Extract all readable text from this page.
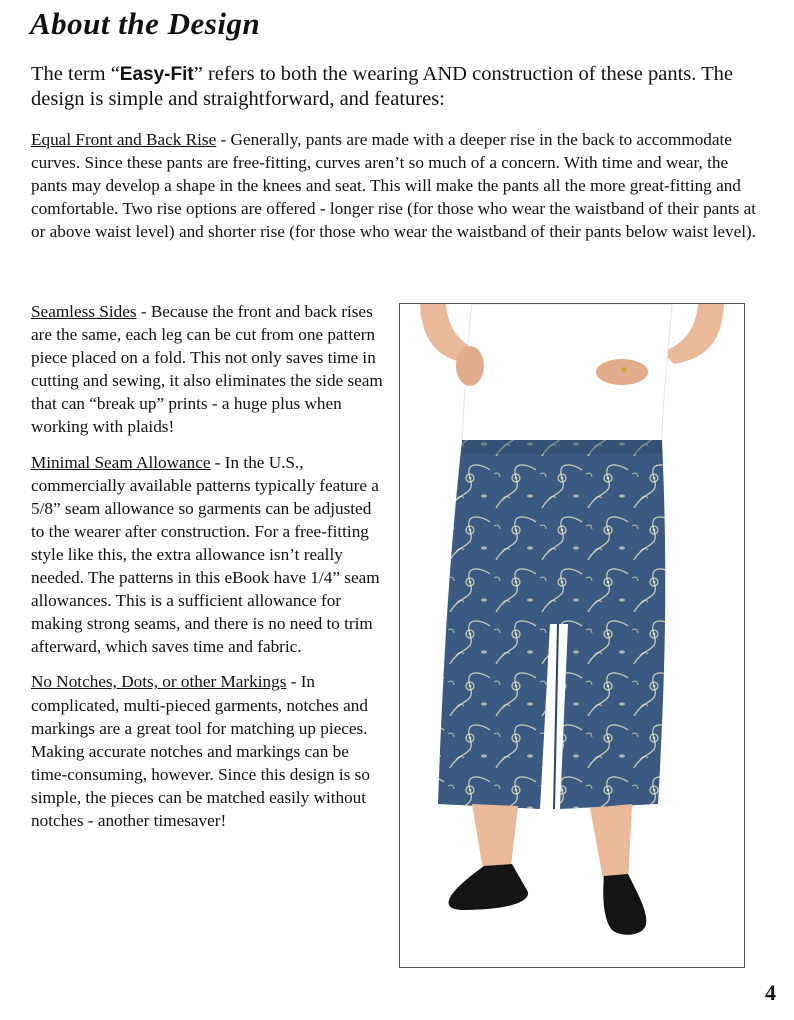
About the Design
The term “Easy-Fit” refers to both the wearing AND construction of these pants. The design is simple and straightforward, and features:
Equal Front and Back Rise - Generally, pants are made with a deeper rise in the back to accommodate curves. Since these pants are free-fitting, curves aren’t so much of a concern. With time and wear, the pants may develop a shape in the knees and seat. This will make the pants all the more great-fitting and comfortable. Two rise options are offered - longer rise (for those who wear the waistband of their pants at or above waist level) and shorter rise (for those who wear the waistband of their pants below waist level).
Seamless Sides - Because the front and back rises are the same, each leg can be cut from one pattern piece placed on a fold. This not only saves time in cutting and sewing, it also eliminates the side seam that can “break up” prints - a huge plus when working with plaids!
Minimal Seam Allowance - In the U.S., commercially available patterns typically feature a 5/8” seam allowance so garments can be adjusted to the wearer after construction. For a free-fitting style like this, the extra allowance isn’t really needed. The patterns in this eBook have 1/4” seam allowances. This is a sufficient allowance for making strong seams, and there is no need to trim afterward, which saves time and fabric.
No Notches, Dots, or other Markings - In complicated, multi-pieced garments, notches and markings are a great tool for matching up pieces. Making accurate notches and markings can be time-consuming, however. Since this design is so simple, the pieces can be matched easily without notches - another timesaver!
4
